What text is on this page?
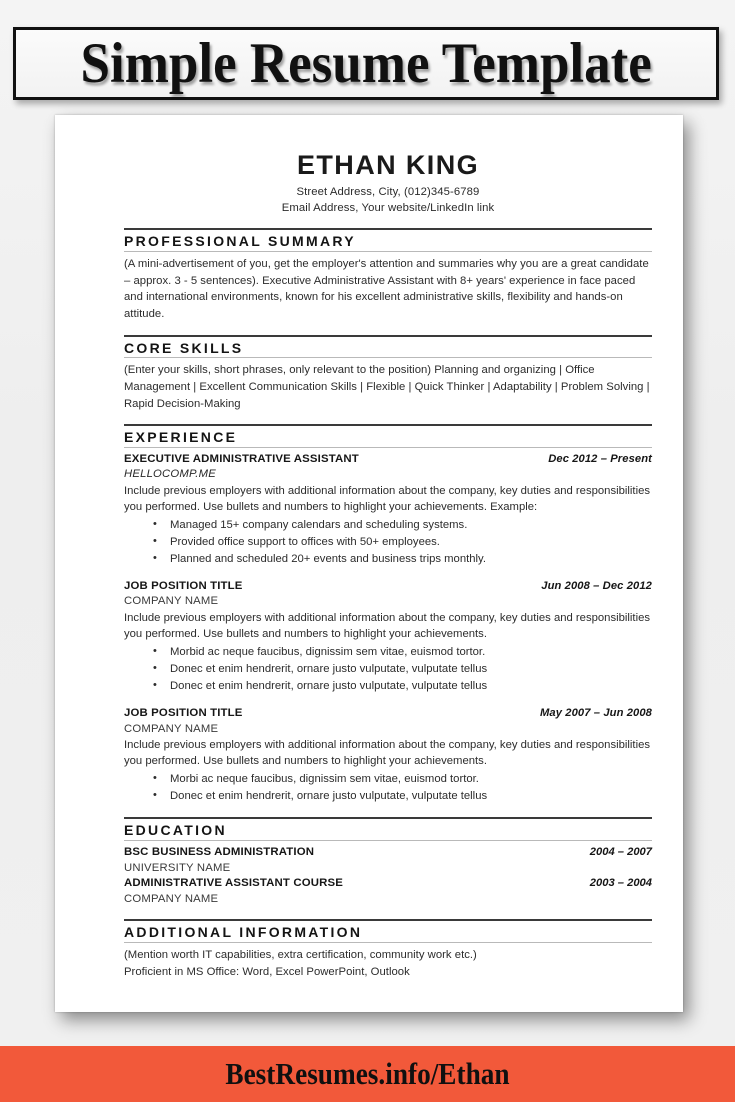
Simple Resume Template
ETHAN KING
Street Address, City, (012)345-6789
Email Address, Your website/LinkedIn link
PROFESSIONAL SUMMARY

(A mini-advertisement of you, get the employer's attention and summaries why you are a great candidate – approx. 3 - 5 sentences). Executive Administrative Assistant with 8+ years' experience in face paced and international environments, known for his excellent administrative skills, flexibility and hands-on attitude.

CORE SKILLS

(Enter your skills, short phrases, only relevant to the position) Planning and organizing | Office Management | Excellent Communication Skills | Flexible | Quick Thinker | Adaptability | Problem Solving | Rapid Decision-Making

EXPERIENCE
EXECUTIVE ADMINISTRATIVE ASSISTANT	Dec 2012 – Present
HELLOCOMP.ME

Include previous employers with additional information about the company, key duties and responsibilities you performed. Use bullets and numbers to highlight your achievements. Example:

• Managed 15+ company calendars and scheduling systems.
• Provided office support to offices with 50+ employees.
• Planned and scheduled 20+ events and business trips monthly.
JOB POSITION TITLE	Jun 2008 – Dec 2012
COMPANY NAME

Include previous employers with additional information about the company, key duties and responsibilities you performed. Use bullets and numbers to highlight your achievements.

• Morbid ac neque faucibus, dignissim sem vitae, euismod tortor.
• Donec et enim hendrerit, ornare justo vulputate, vulputate tellus
• Donec et enim hendrerit, ornare justo vulputate, vulputate tellus
JOB POSITION TITLE	May 2007 – Jun 2008
COMPANY NAME

Include previous employers with additional information about the company, key duties and responsibilities you performed. Use bullets and numbers to highlight your achievements.

• Morbi ac neque faucibus, dignissim sem vitae, euismod tortor.
• Donec et enim hendrerit, ornare justo vulputate, vulputate tellus
EDUCATION
BSC BUSINESS ADMINISTRATION	2004 – 2007
UNIVERSITY NAME
ADMINISTRATIVE ASSISTANT COURSE	2003 – 2004
COMPANY NAME
ADDITIONAL INFORMATION

(Mention worth IT capabilities, extra certification, community work etc.)

Proficient in MS Office: Word, Excel PowerPoint, Outlook

BestResumes.info/Ethan
